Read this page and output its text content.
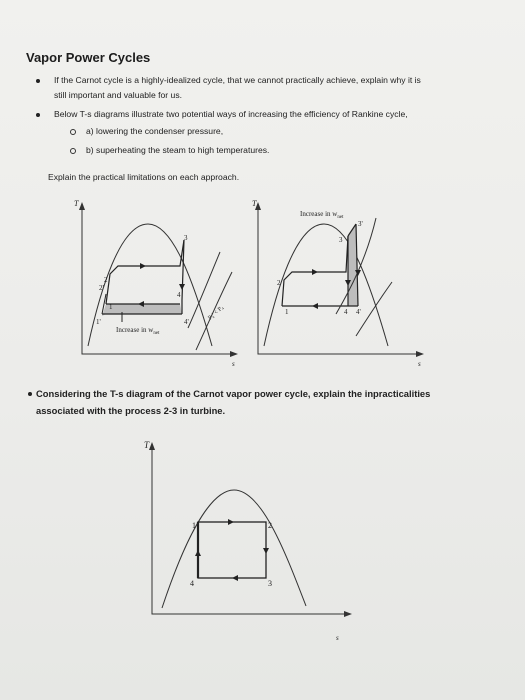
Vapor Power Cycles
If the Carnot cycle is a highly-idealized cycle, that we cannot practically achieve, explain why it is
still important and valuable for us.
Below T-s diagrams illustrate two potential ways of increasing the efficiency of Rankine cycle,
a) lowering the condenser pressure,
b) superheating the steam to high temperatures.
Explain the practical limitations on each approach.
T
s
2
2'
3
4
4'
1
1'
Increase in $w_{net}$
P₄' < P₄
T
s
Increase in $w_{net}$
2
3
3'
1	4 4'
Considering the T-s diagram of the Carnot vapor power cycle, explain the inpracticalities
associated with the process 2-3 in turbine.
T
s
1	2
3
4
